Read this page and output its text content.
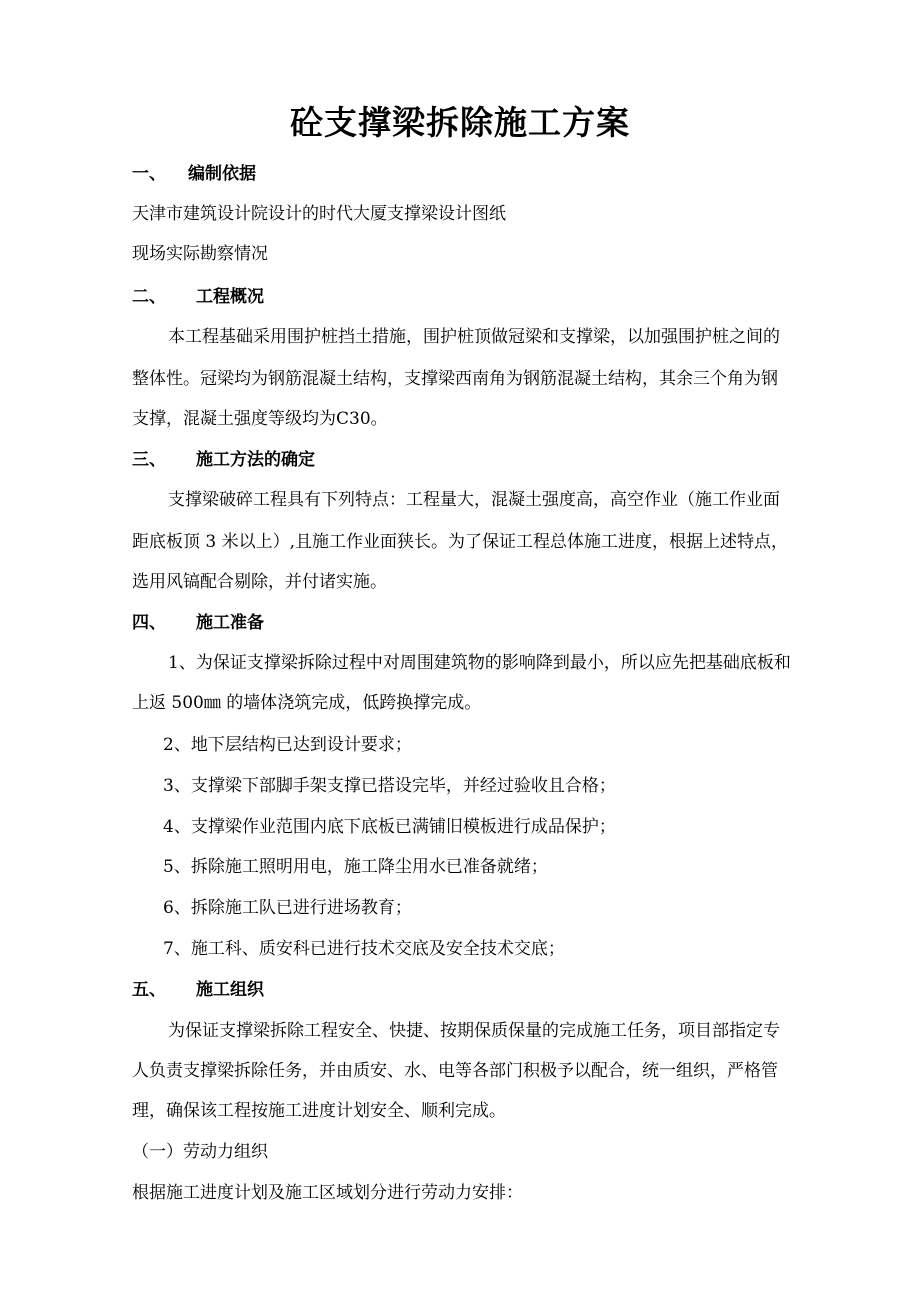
砼支撑梁拆除施工方案
一、 编制依据
天津市建筑设计院设计的时代大厦支撑梁设计图纸
现场实际勘察情况
二、 工程概况
本工程基础采用围护桩挡土措施，围护桩顶做冠梁和支撑梁，以加强围护桩之间的
整体性。冠梁均为钢筋混凝土结构，支撑梁西南角为钢筋混凝土结构，其余三个角为钢
支撑，混凝土强度等级均为C30。
三、 施工方法的确定
支撑梁破碎工程具有下列特点：工程量大，混凝土强度高，高空作业（施工作业面
距底板顶 3 米以上）,且施工作业面狭长。为了保证工程总体施工进度，根据上述特点，
选用风镐配合剔除，并付诸实施。
四、 施工准备
1、为保证支撑梁拆除过程中对周围建筑物的影响降到最小，所以应先把基础底板和
上返 500㎜ 的墙体浇筑完成，低跨换撑完成。
2、地下层结构已达到设计要求；
3、支撑梁下部脚手架支撑已搭设完毕，并经过验收且合格；
4、支撑梁作业范围内底下底板已满铺旧模板进行成品保护；
5、拆除施工照明用电，施工降尘用水已准备就绪；
6、拆除施工队已进行进场教育；
7、施工科、质安科已进行技术交底及安全技术交底；
五、 施工组织
为保证支撑梁拆除工程安全、快捷、按期保质保量的完成施工任务，项目部指定专
人负责支撑梁拆除任务，并由质安、水、电等各部门积极予以配合，统一组织，严格管
理，确保该工程按施工进度计划安全、顺利完成。
（一）劳动力组织
根据施工进度计划及施工区域划分进行劳动力安排：
